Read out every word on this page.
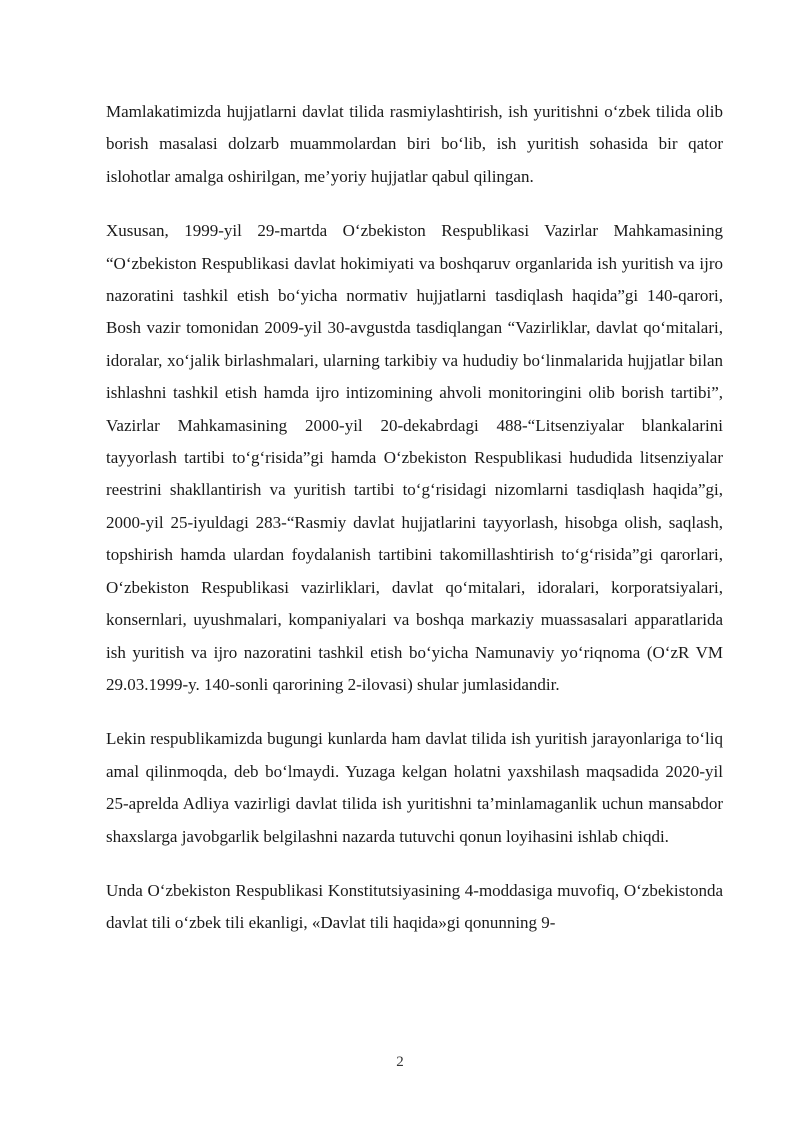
Mamlakatimizda hujjatlarni davlat tilida rasmiylashtirish, ish yuritishni o‘zbek tilida olib borish masalasi dolzarb muammolardan biri bo‘lib, ish yuritish sohasida bir qator islohotlar amalga oshirilgan, me’yoriy hujjatlar qabul qilingan.

Xususan, 1999-yil 29-martda O‘zbekiston Respublikasi Vazirlar Mahkamasining “O‘zbekiston Respublikasi davlat hokimiyati va boshqaruv organlarida ish yuritish va ijro nazoratini tashkil etish bo‘yicha normativ hujjatlarni tasdiqlash haqida”gi 140-qarori, Bosh vazir tomonidan 2009-yil 30-avgustda tasdiqlangan “Vazirliklar, davlat qo‘mitalari, idoralar, xo‘jalik birlashmalari, ularning tarkibiy va hududiy bo‘linmalarida hujjatlar bilan ishlashni tashkil etish hamda ijro intizomining ahvoli monitoringini olib borish tartibi”, Vazirlar Mahkamasining 2000-yil 20-dekabrdagi 488-“Litsenziyalar blankalarini tayyorlash tartibi to‘g‘risida”gi hamda O‘zbekiston Respublikasi hududida litsenziyalar reestrini shakllantirish va yuritish tartibi to‘g‘risidagi nizomlarni tasdiqlash haqida”gi, 2000-yil 25-iyuldagi 283-“Rasmiy davlat hujjatlarini tayyorlash, hisobga olish, saqlash, topshirish hamda ulardan foydalanish tartibini takomillashtirish to‘g‘risida”gi qarorlari, O‘zbekiston Respublikasi vazirliklari, davlat qo‘mitalari, idoralari, korporatsiyalari, konsernlari, uyushmalari, kompaniyalari va boshqa markaziy muassasalari apparatlarida ish yuritish va ijro nazoratini tashkil etish bo‘yicha Namunaviy yo‘riqnoma (O‘zR VM 29.03.1999-y. 140-sonli qarorining 2-ilovasi) shular jumlasidandir.

Lekin respublikamizda bugungi kunlarda ham davlat tilida ish yuritish jarayonlariga to‘liq amal qilinmoqda, deb bo‘lmaydi. Yuzaga kelgan holatni yaxshilash maqsadida 2020-yil 25-aprelda Adliya vazirligi davlat tilida ish yuritishni ta’minlamaganlik uchun mansabdor shaxslarga javobgarlik belgilashni nazarda tutuvchi qonun loyihasini ishlab chiqdi.

Unda O‘zbekiston Respublikasi Konstitutsiyasining 4-moddasiga muvofiq, O‘zbekistonda davlat tili o‘zbek tili ekanligi, «Davlat tili haqida»gi qonunning 9-

2
